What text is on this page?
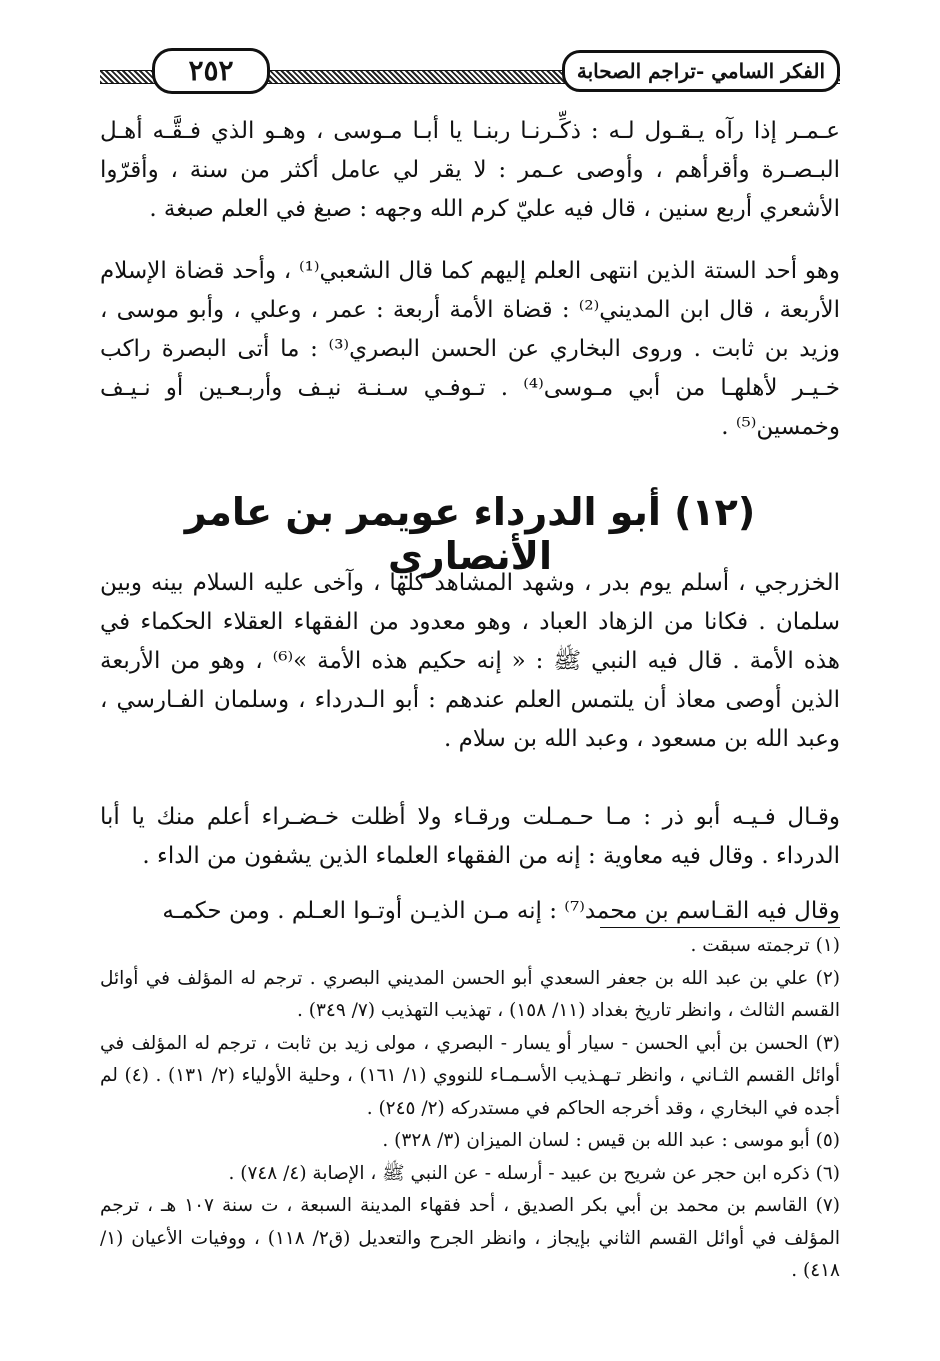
٢٥٢	الفكر السامي -تراجم الصحابة

عـمـر إذا رآه يـقـول لـه : ذكِّـرنـا ربنـا يا أبـا مـوسى ، وهـو الذي فـقَّـه أهـل البـصـرة وأقرأهم ، وأوصى عـمر : لا يقر لي عامل أكثر من سنة ، وأقرّوا الأشعري أربع سنين ، قال فيه عليّ كرم الله وجهه : صبغ في العلم صبغة .

وهو أحد الستة الذين انتهى العلم إليهم كما قال الشعبي⁽¹⁾ ، وأحد قضاة الإسلام الأربعة ، قال ابن المديني⁽²⁾ : قضاة الأمة أربعة : عمر ، وعلي ، وأبو موسى ، وزيد بن ثابت . وروى البخاري عن الحسن البصري⁽³⁾ : ما أتى البصرة راكب خـيـر لأهلهـا من أبي مـوسى⁽⁴⁾ . تـوفـي سـنـة نيـف وأربـعـين أو نـيـف وخمسين⁽⁵⁾ .

(١٢) أبو الدرداء عويمر بن عامر الأنصاري

الخزرجي ، أسلم يوم بدر ، وشهد المشاهد كلها ، وآخى عليه السلام بينه وبين سلمان . فكانا من الزهاد العباد ، وهو معدود من الفقهاء العقلاء الحكماء في هذه الأمة . قال فيه النبي ﷺ : « إنه حكيم هذه الأمة »⁽⁶⁾ ، وهو من الأربعة الذين أوصى معاذ أن يلتمس العلم عندهم : أبو الـدرداء ، وسلمان الفـارسي ، وعبد الله بن مسعود ، وعبد الله بن سلام .

وقـال فـيـه أبو ذر : مـا حـمـلت ورقـاء ولا أظلت خـضـراء أعلم منك يا أبا الدرداء . وقال فيه معاوية : إنه من الفقهاء العلماء الذين يشفون من الداء .

وقال فيه القـاسم بن محمد⁽⁷⁾ : إنه مـن الذيـن أوتـوا العـلم . ومن حكمـه

(١) ترجمته سبقت .

(٢) علي بن عبد الله بن جعفر السعدي أبو الحسن المديني البصري . ترجم له المؤلف في أوائل القسم الثالث ، وانظر تاريخ بغداد (١١/ ١٥٨) ، تهذيب التهذيب (٧/ ٣٤٩) .

(٣) الحسن بن أبي الحسن - سيار أو يسار - البصري ، مولى زيد بن ثابت ، ترجم له المؤلف في أوائل القسم الثـاني ، وانظر تـهـذيب الأسـمـاء للنووي (١/ ١٦١) ، وحلية الأولياء (٢/ ١٣١) . (٤) لم أجده في البخاري ، وقد أخرجه الحاكم في مستدركه (٢/ ٢٤٥) .

(٥) أبو موسى : عبد الله بن قيس : لسان الميزان (٣/ ٣٢٨) .

(٦) ذكره ابن حجر عن شريح بن عبيد - أرسله - عن النبي ﷺ ، الإصابة (٤/ ٧٤٨) .

(٧) القاسم بن محمد بن أبي بكر الصديق ، أحد فقهاء المدينة السبعة ، ت سنة ١٠٧ هـ ، ترجم المؤلف في أوائل القسم الثاني بإيجاز ، وانظر الجرح والتعديل (ق٢/ ١١٨) ، ووفيات الأعيان (١/ ٤١٨) .
